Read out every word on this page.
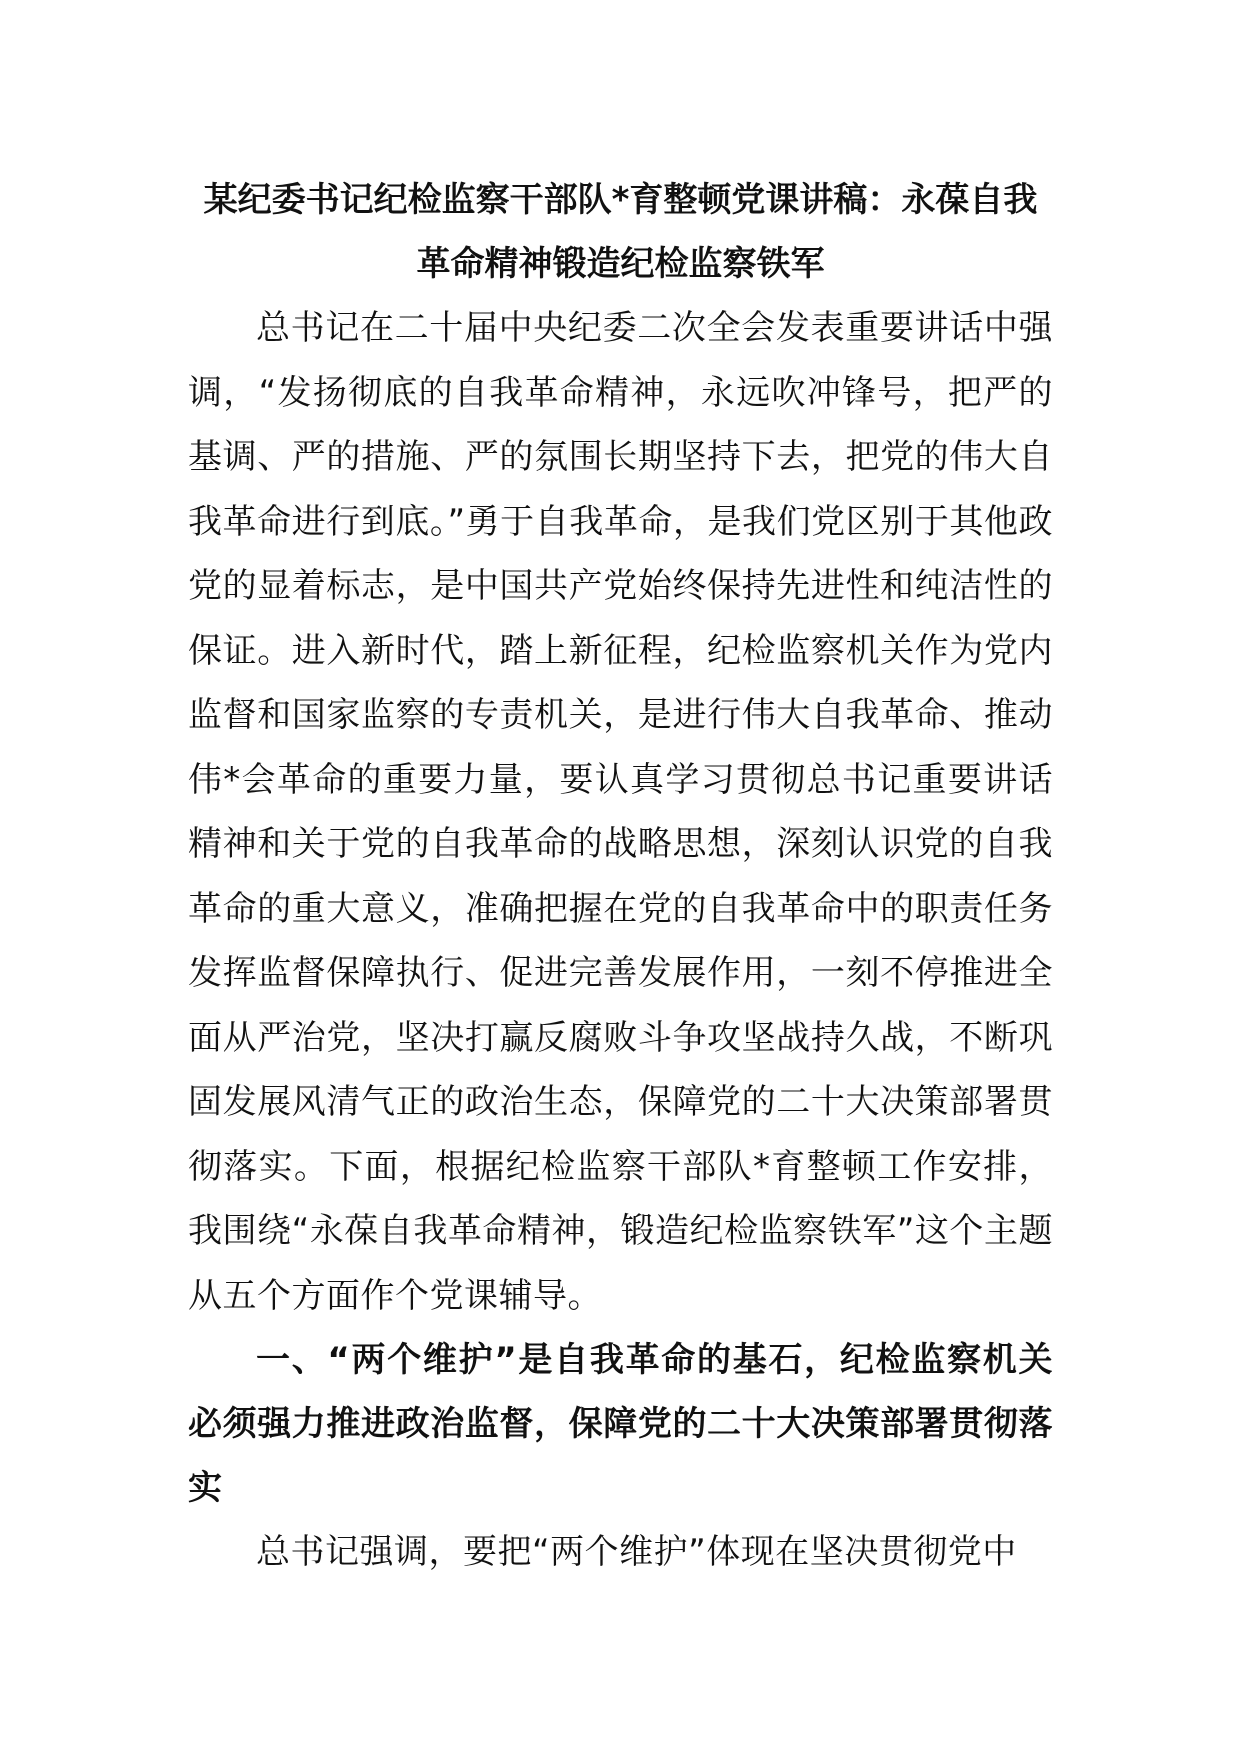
某纪委书记纪检监察干部队*育整顿党课讲稿：永葆自我革命精神锻造纪检监察铁军

总书记在二十届中央纪委二次全会发表重要讲话中强调，“发扬彻底的自我革命精神，永远吹冲锋号，把严的基调、严的措施、严的氛围长期坚持下去，把党的伟大自我革命进行到底。”勇于自我革命，是我们党区别于其他政党的显着标志，是中国共产党始终保持先进性和纯洁性的保证。进入新时代，踏上新征程，纪检监察机关作为党内监督和国家监察的专责机关，是进行伟大自我革命、推动伟*会革命的重要力量，要认真学习贯彻总书记重要讲话精神和关于党的自我革命的战略思想，深刻认识党的自我革命的重大意义，准确把握在党的自我革命中的职责任务发挥监督保障执行、促进完善发展作用，一刻不停推进全面从严治党，坚决打赢反腐败斗争攻坚战持久战，不断巩固发展风清气正的政治生态，保障党的二十大决策部署贯彻落实。下面，根据纪检监察干部队*育整顿工作安排，我围绕“永葆自我革命精神，锻造纪检监察铁军”这个主题从五个方面作个党课辅导。

一、“两个维护”是自我革命的基石，纪检监察机关必须强力推进政治监督，保障党的二十大决策部署贯彻落实

总书记强调，要把“两个维护”体现在坚决贯彻党中
